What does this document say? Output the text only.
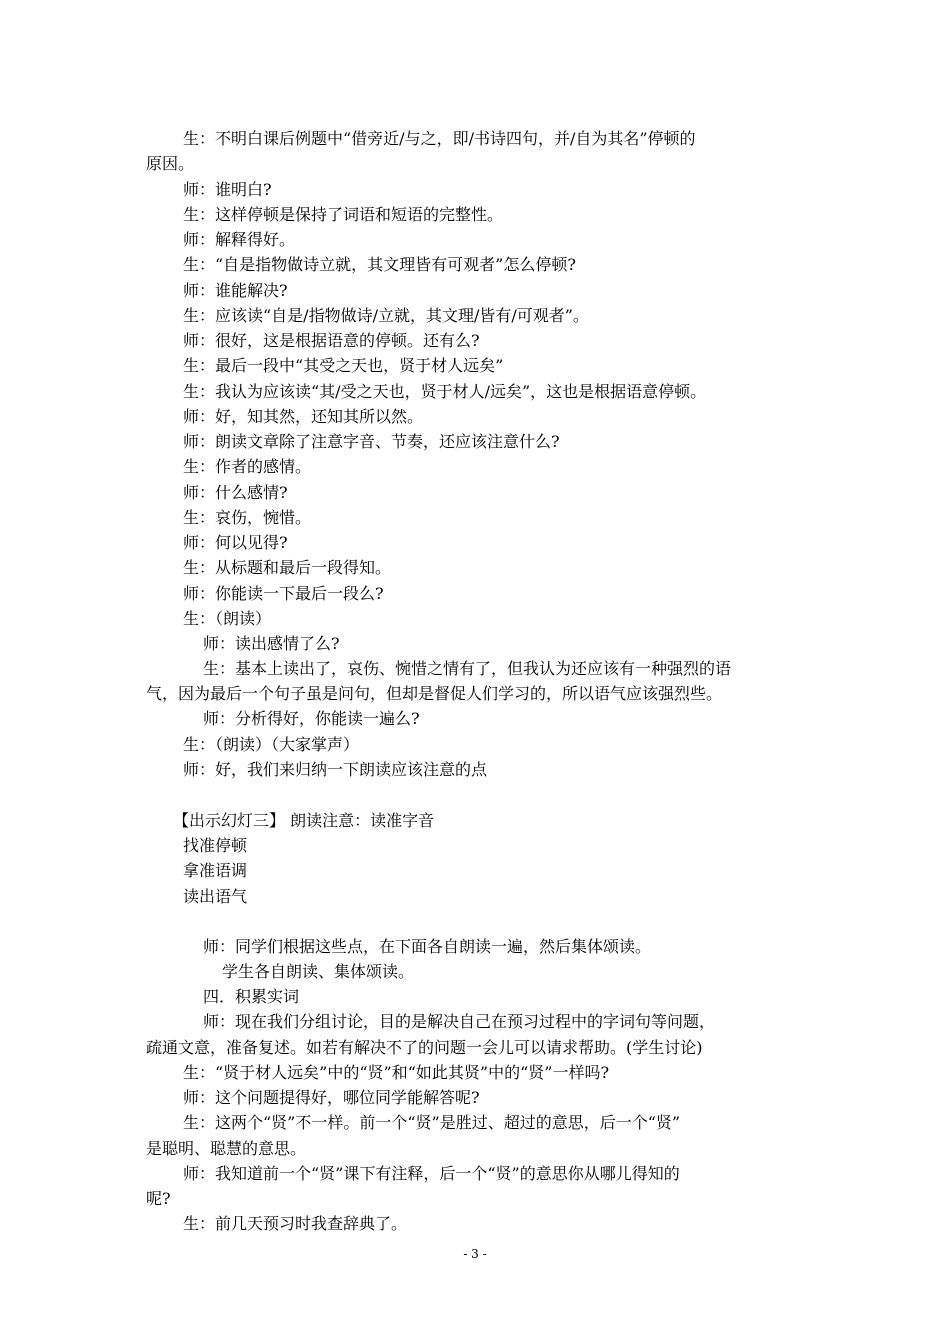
生：不明白课后例题中“借旁近/与之，即/书诗四句，并/自为其名”停顿的
原因。
师：谁明白?
生：这样停顿是保持了词语和短语的完整性。
师：解释得好。
生：“自是指物做诗立就，其文理皆有可观者”怎么停顿?
师：谁能解决?
生：应该读“自是/指物做诗/立就，其文理/皆有/可观者”。
师：很好，这是根据语意的停顿。还有么?
生：最后一段中“其受之天也，贤于材人远矣”
生：我认为应该读“其/受之天也，贤于材人/远矣”，这也是根据语意停顿。
师：好，知其然，还知其所以然。
师：朗读文章除了注意字音、节奏，还应该注意什么?
生：作者的感情。
师：什么感情?
生：哀伤，惋惜。
师：何以见得?
生：从标题和最后一段得知。
师：你能读一下最后一段么?
生：（朗读）
师：读出感情了么?
生：基本上读出了，哀伤、惋惜之情有了，但我认为还应该有一种强烈的语
气，因为最后一个句子虽是问句，但却是督促人们学习的，所以语气应该强烈些。
师：分析得好，你能读一遍么?
生：（朗读）（大家掌声）
师：好，我们来归纳一下朗读应该注意的点
【出示幻灯三】 朗读注意：读准字音
找准停顿
拿准语调
读出语气
师：同学们根据这些点，在下面各自朗读一遍，然后集体颂读。
学生各自朗读、集体颂读。
四．积累实词
师：现在我们分组讨论，目的是解决自己在预习过程中的字词句等问题，
疏通文意，准备复述。如若有解决不了的问题一会儿可以请求帮助。(学生讨论)
生：“贤于材人远矣”中的“贤”和“如此其贤”中的“贤”一样吗?
师：这个问题提得好，哪位同学能解答呢?
生：这两个“贤”不一样。前一个“贤”是胜过、超过的意思，后一个“贤”
是聪明、聪慧的意思。
师：我知道前一个“贤”课下有注释，后一个“贤”的意思你从哪儿得知的
呢?
生：前几天预习时我查辞典了。
- 3 -
